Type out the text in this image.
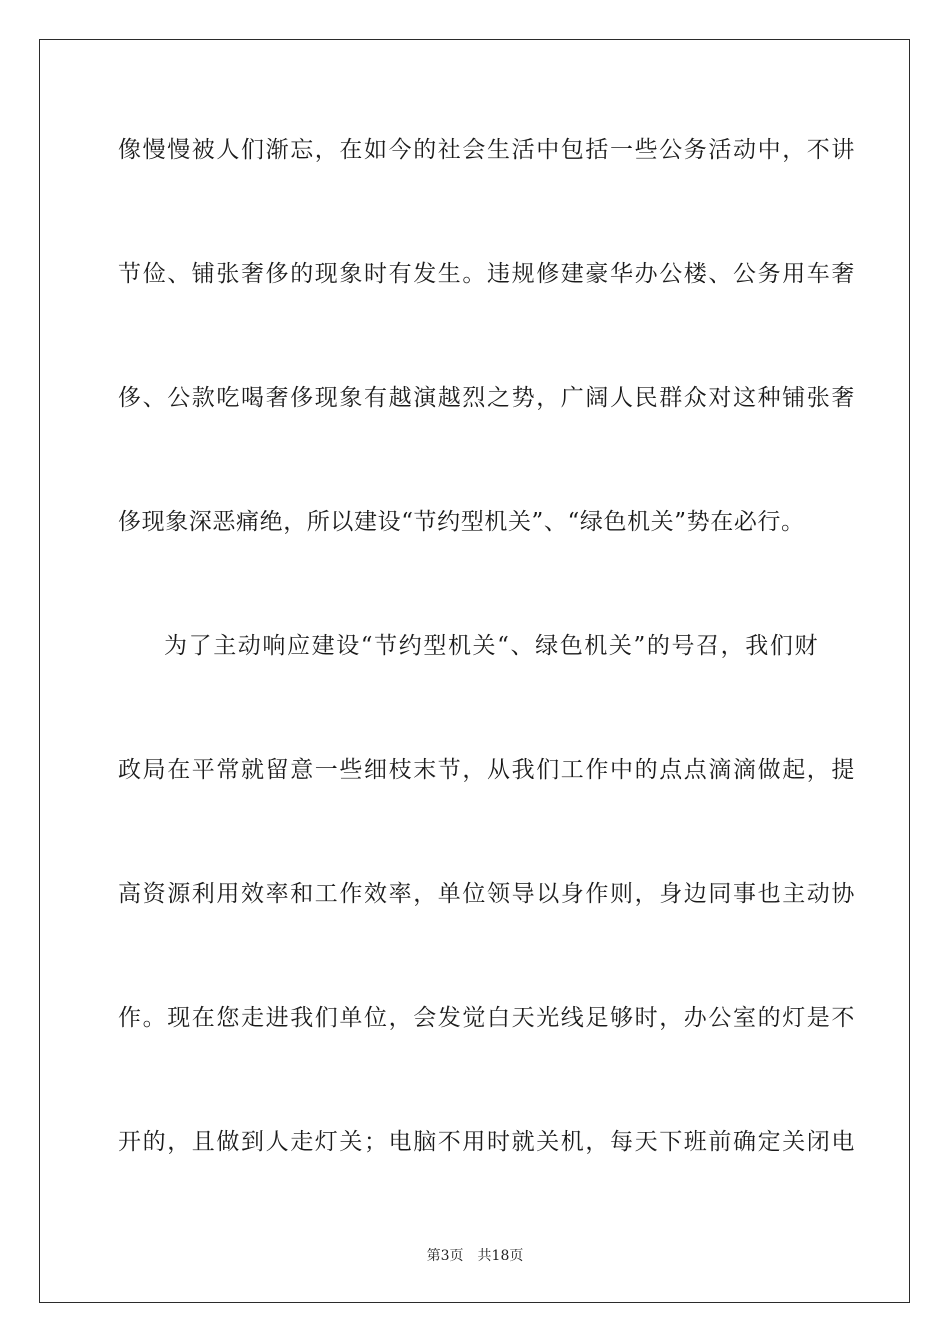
像慢慢被人们渐忘，在如今的社会生活中包括一些公务活动中，不讲
节俭、铺张奢侈的现象时有发生。违规修建豪华办公楼、公务用车奢
侈、公款吃喝奢侈现象有越演越烈之势，广阔人民群众对这种铺张奢
侈现象深恶痛绝，所以建设“节约型机关”、“绿色机关”势在必行。
为了主动响应建设“节约型机关“、绿色机关”的号召，我们财
政局在平常就留意一些细枝末节，从我们工作中的点点滴滴做起，提
高资源利用效率和工作效率，单位领导以身作则，身边同事也主动协
作。现在您走进我们单位，会发觉白天光线足够时，办公室的灯是不
开的，且做到人走灯关；电脑不用时就关机，每天下班前确定关闭电
第3页 共18页
